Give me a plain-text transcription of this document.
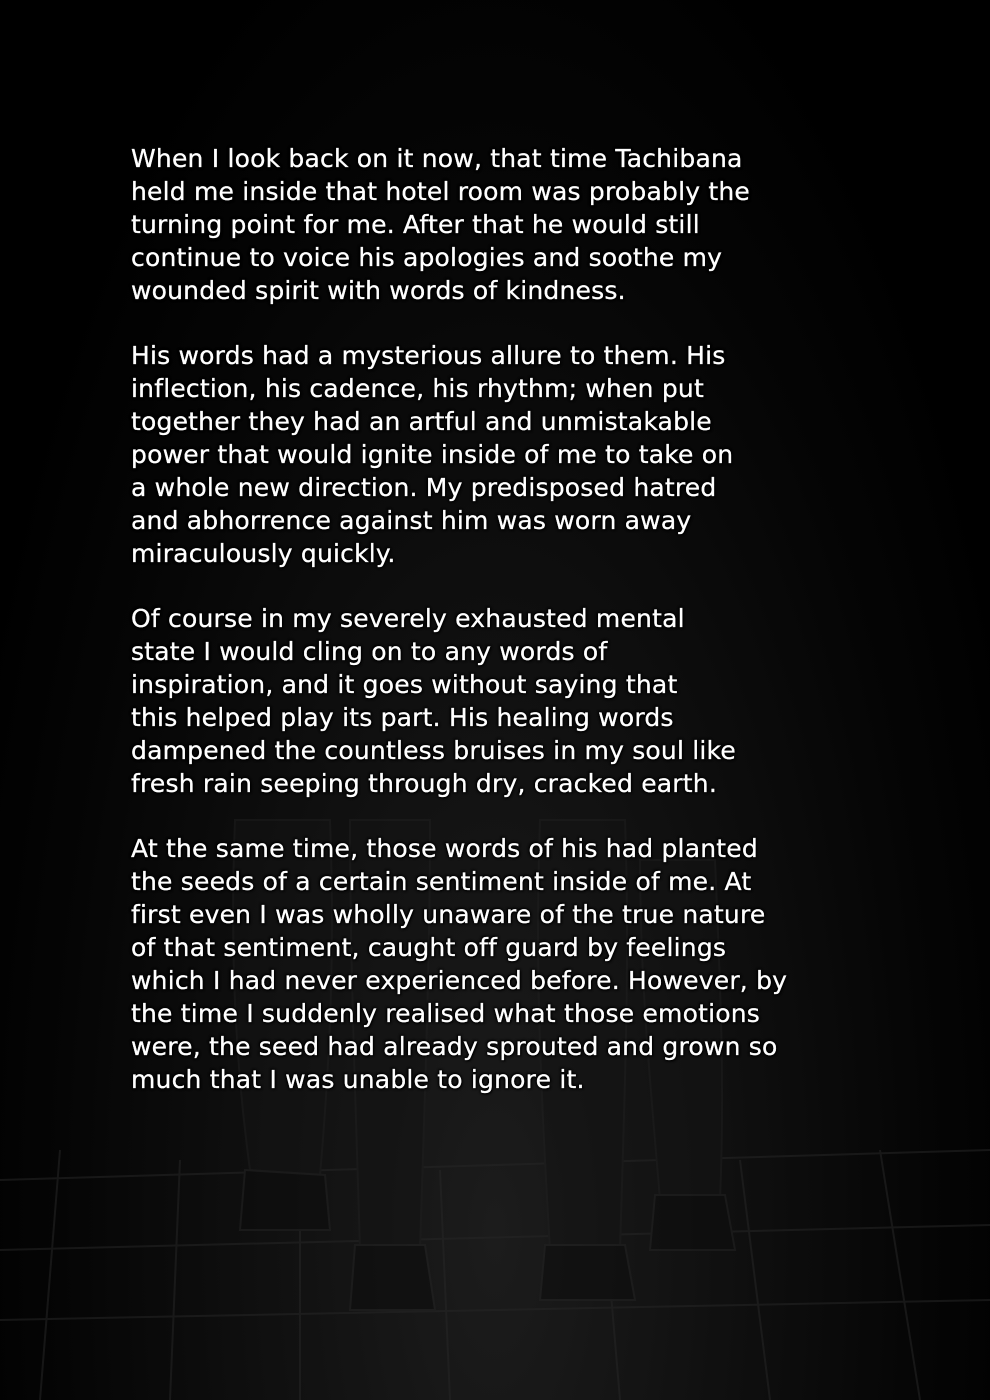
When I look back on it now, that time Tachibana
held me inside that hotel room was probably the
turning point for me. After that he would still
continue to voice his apologies and soothe my
wounded spirit with words of kindness.

His words had a mysterious allure to them. His
inflection, his cadence, his rhythm; when put
together they had an artful and unmistakable
power that would ignite inside of me to take on
a whole new direction. My predisposed hatred
and abhorrence against him was worn away
miraculously quickly.

Of course in my severely exhausted mental
state I would cling on to any words of
inspiration, and it goes without saying that
this helped play its part. His healing words
dampened the countless bruises in my soul like
fresh rain seeping through dry, cracked earth.

At the same time, those words of his had planted
the seeds of a certain sentiment inside of me. At
first even I was wholly unaware of the true nature
of that sentiment, caught off guard by feelings
which I had never experienced before. However, by
the time I suddenly realised what those emotions
were, the seed had already sprouted and grown so
much that I was unable to ignore it.
